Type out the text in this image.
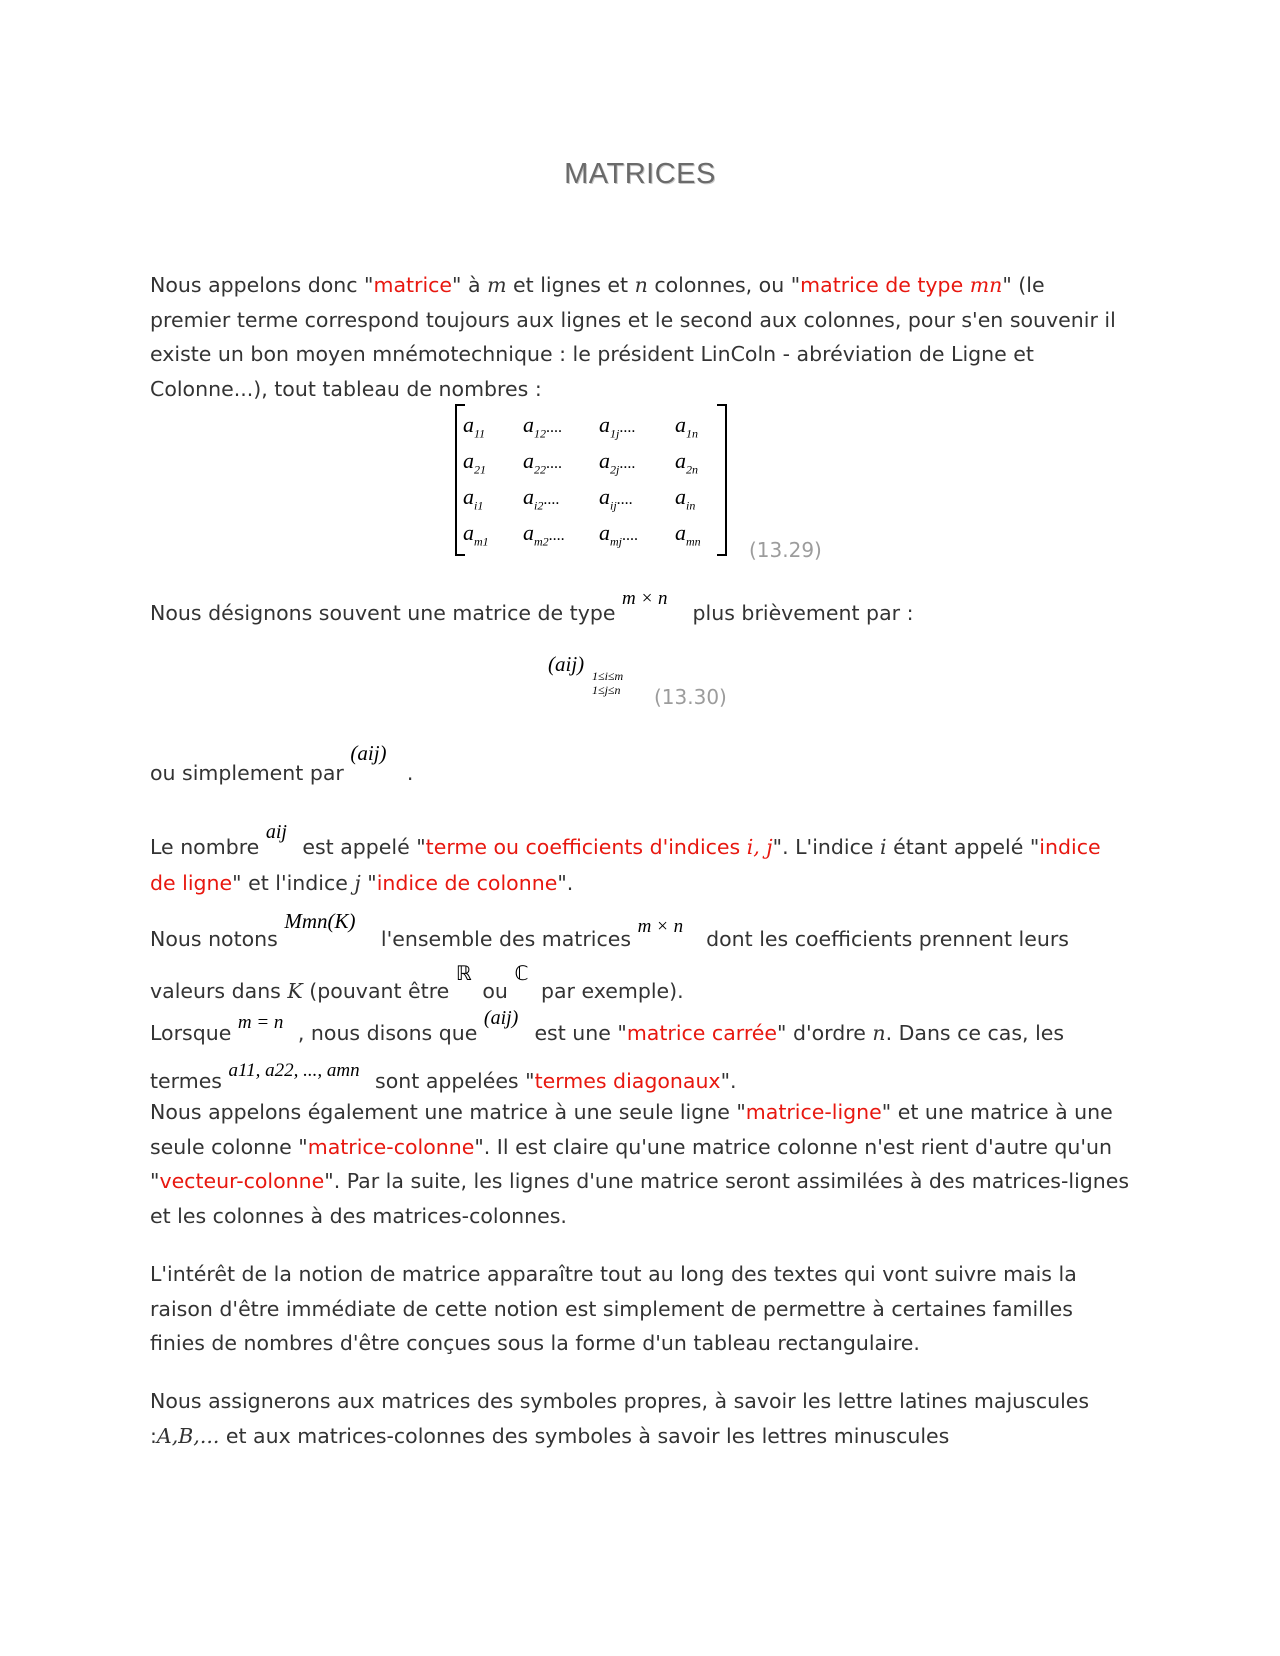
MATRICES

Nous appelons donc "matrice" à m et lignes et n colonnes, ou "matrice de type mn" (le premier terme correspond toujours aux lignes et le second aux colonnes, pour s'en souvenir il existe un bon moyen mnémotechnique : le président LinColn - abréviation de Ligne et Colonne...), tout tableau de nombres :

$a_{11}$ $a_{12}$.... $a_{1j}$.... $a_{1n}$
$a_{21}$ $a_{22}$.... $a_{2j}$.... $a_{2n}$
$a_{i1}$ $a_{i2}$.... $a_{ij}$.... $a_{in}$
$a_{m1}$ $a_{m2}$.... $a_{mj}$.... $a_{mn}$ (13.29)

Nous désignons souvent une matrice de type m × n plus brièvement par :

(aij) 1≤i≤m
1≤j≤n (13.30)

ou simplement par (aij) .

Le nombre aij est appelé "terme ou coefficients d'indices i, j". L'indice i étant appelé "indice de ligne" et l'indice j "indice de colonne".

Nous notons Mmn(K) l'ensemble des matrices m × n dont les coefficients prennent leurs valeurs dans K (pouvant être ℝ ou ℂ par exemple).

Lorsque m = n , nous disons que (aij) est une "matrice carrée" d'ordre n. Dans ce cas, les termes a11, a22, ..., amn sont appelées "termes diagonaux".

Nous appelons également une matrice à une seule ligne "matrice-ligne" et une matrice à une seule colonne "matrice-colonne". Il est claire qu'une matrice colonne n'est rient d'autre qu'un "vecteur-colonne". Par la suite, les lignes d'une matrice seront assimilées à des matrices-lignes et les colonnes à des matrices-colonnes.

L'intérêt de la notion de matrice apparaître tout au long des textes qui vont suivre mais la raison d'être immédiate de cette notion est simplement de permettre à certaines familles finies de nombres d'être conçues sous la forme d'un tableau rectangulaire.

Nous assignerons aux matrices des symboles propres, à savoir les lettre latines majuscules :A,B,... et aux matrices-colonnes des symboles à savoir les lettres minuscules
